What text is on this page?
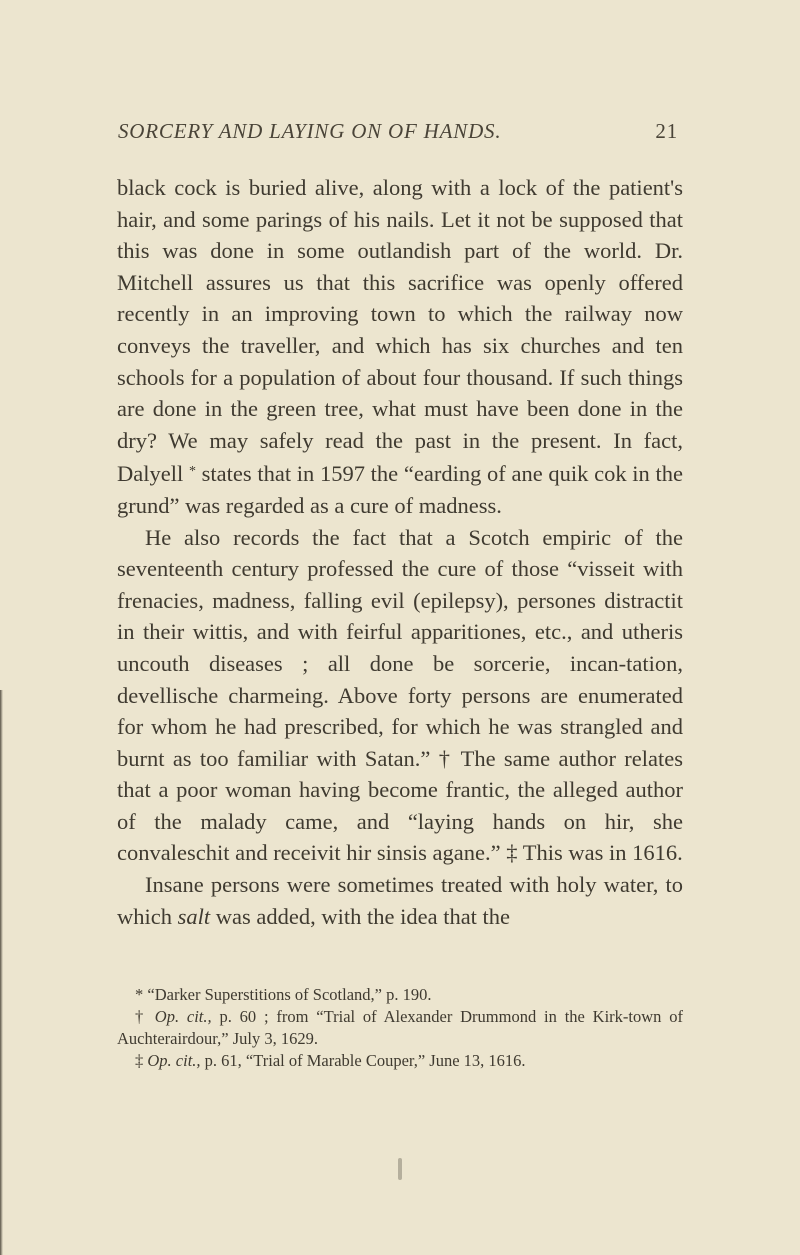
SORCERY AND LAYING ON OF HANDS.	21

black cock is buried alive, along with a lock of the patient's hair, and some parings of his nails. Let it not be supposed that this was done in some outlandish part of the world. Dr. Mitchell assures us that this sacrifice was openly offered recently in an improving town to which the railway now conveys the traveller, and which has six churches and ten schools for a population of about four thousand. If such things are done in the green tree, what must have been done in the dry? We may safely read the past in the present. In fact, Dalyell * states that in 1597 the “earding of ane quik cok in the grund” was regarded as a cure of madness.

He also records the fact that a Scotch empiric of the seventeenth century professed the cure of those “visseit with frenacies, madness, falling evil (epilepsy), persones distractit in their wittis, and with feirful apparitiones, etc., and utheris uncouth diseases ; all done be sorcerie, incan-tation, devellische charmeing. Above forty persons are enumerated for whom he had prescribed, for which he was strangled and burnt as too familiar with Satan.” † The same author relates that a poor woman having become frantic, the alleged author of the malady came, and “laying hands on hir, she convaleschit and receivit hir sinsis agane.” ‡ This was in 1616.

Insane persons were sometimes treated with holy water, to which salt was added, with the idea that the

* “Darker Superstitions of Scotland,” p. 190.

† Op. cit., p. 60 ; from “Trial of Alexander Drummond in the Kirk-town of Auchterairdour,” July 3, 1629.

‡ Op. cit., p. 61, “Trial of Marable Couper,” June 13, 1616.
